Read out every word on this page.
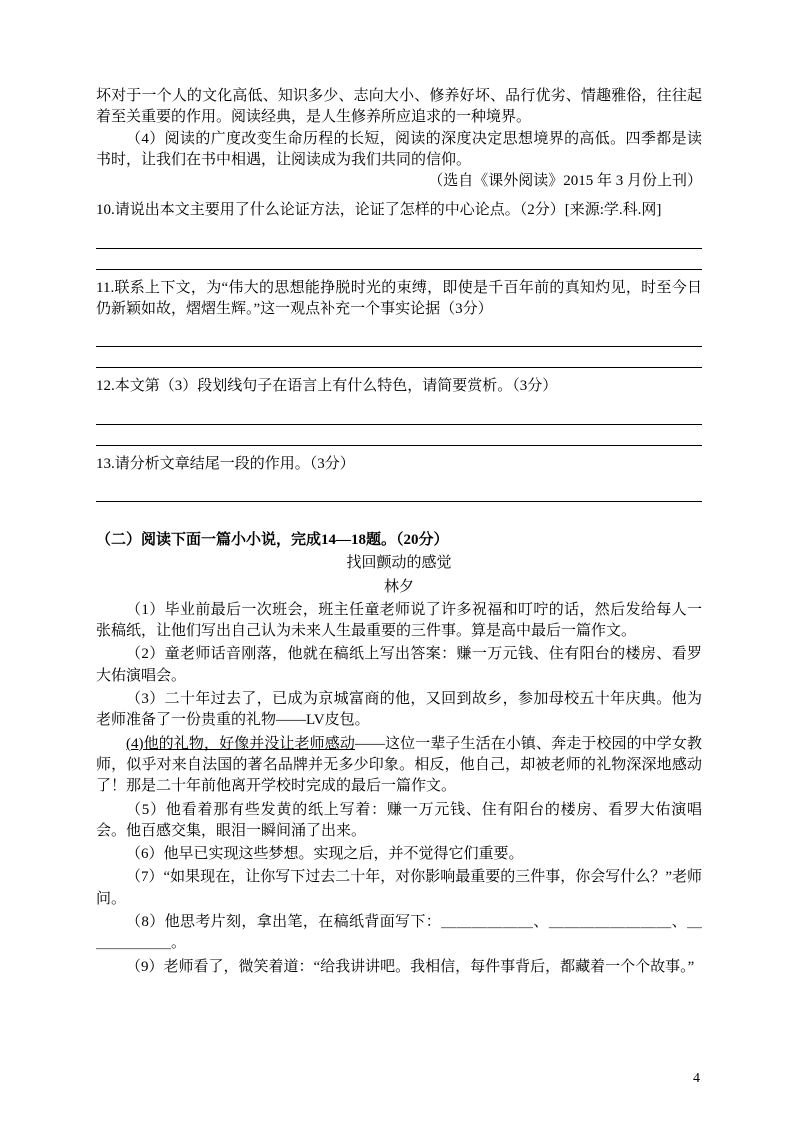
坏对于一个人的文化高低、知识多少、志向大小、修养好坏、品行优劣、情趣雅俗，往往起着至关重要的作用。阅读经典，是人生修养所应追求的一种境界。

（4）阅读的广度改变生命历程的长短，阅读的深度决定思想境界的高低。四季都是读书时，让我们在书中相遇，让阅读成为我们共同的信仰。

（选自《课外阅读》2015 年 3 月份上刊）

10.请说出本文主要用了什么论证方法，论证了怎样的中心论点。（2分）[来源:学.科.网]

11.联系上下文，为“伟大的思想能挣脱时光的束缚，即使是千百年前的真知灼见，时至今日仍新颖如故，熠熠生辉。”这一观点补充一个事实论据（3分）

12.本文第（3）段划线句子在语言上有什么特色，请简要赏析。（3分）

13.请分析文章结尾一段的作用。（3分）

（二）阅读下面一篇小小说，完成14—18题。（20分）

找回颤动的感觉

林夕

（1）毕业前最后一次班会，班主任童老师说了许多祝福和叮咛的话，然后发给每人一张稿纸，让他们写出自己认为未来人生最重要的三件事。算是高中最后一篇作文。

（2）童老师话音刚落，他就在稿纸上写出答案：赚一万元钱、住有阳台的楼房、看罗大佑演唱会。

（3）二十年过去了，已成为京城富商的他，又回到故乡，参加母校五十年庆典。他为老师准备了一份贵重的礼物——LV皮包。

(4)他的礼物，好像并没让老师感动——这位一辈子生活在小镇、奔走于校园的中学女教师，似乎对来自法国的著名品牌并无多少印象。相反，他自己，却被老师的礼物深深地感动了！那是二十年前他离开学校时完成的最后一篇作文。

（5）他看着那有些发黄的纸上写着：赚一万元钱、住有阳台的楼房、看罗大佑演唱会。他百感交集，眼泪一瞬间涌了出来。

（6）他早已实现这些梦想。实现之后，并不觉得它们重要。

（7）“如果现在，让你写下过去二十年，对你影响最重要的三件事，你会写什么？”老师问。

（8）他思考片刻，拿出笔，在稿纸背面写下：＿＿＿＿＿＿、＿＿＿＿＿＿＿＿、＿＿＿＿＿＿。

（9）老师看了，微笑着道：“给我讲讲吧。我相信，每件事背后，都藏着一个个故事。”

4
